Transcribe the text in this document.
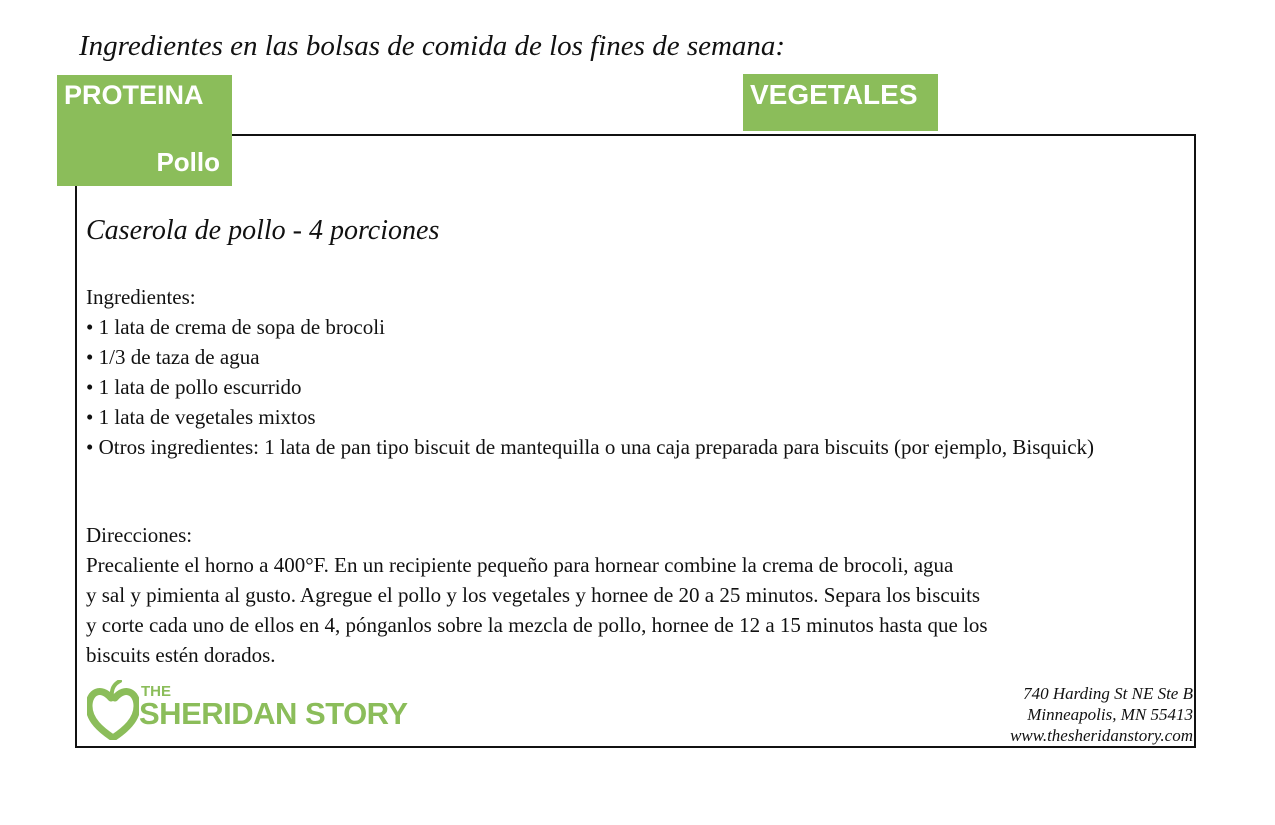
Ingredientes en las bolsas de comida de los fines de semana:
PROTEINA
Pollo
VEGETALES
Caserola de pollo - 4 porciones
Ingredientes:
• 1 lata de crema de sopa de brocoli
• 1/3 de taza de agua
• 1 lata de pollo escurrido
• 1 lata de vegetales mixtos
• Otros ingredientes: 1 lata de pan tipo biscuit de mantequilla o una caja preparada para biscuits (por ejemplo, Bisquick)
Direcciones:

Precaliente el horno a 400°F. En un recipiente pequeño para hornear combine la crema de brocoli, agua

y sal y pimienta al gusto. Agregue el pollo y los vegetales y hornee de 20 a 25 minutos. Separa los biscuits

y corte cada uno de ellos en 4, pónganlos sobre la mezcla de pollo, hornee de 12 a 15 minutos hasta que los

biscuits estén dorados.

THE
SHERIDAN STORY
740 Harding St NE Ste B
Minneapolis, MN 55413
www.thesheridanstory.com
